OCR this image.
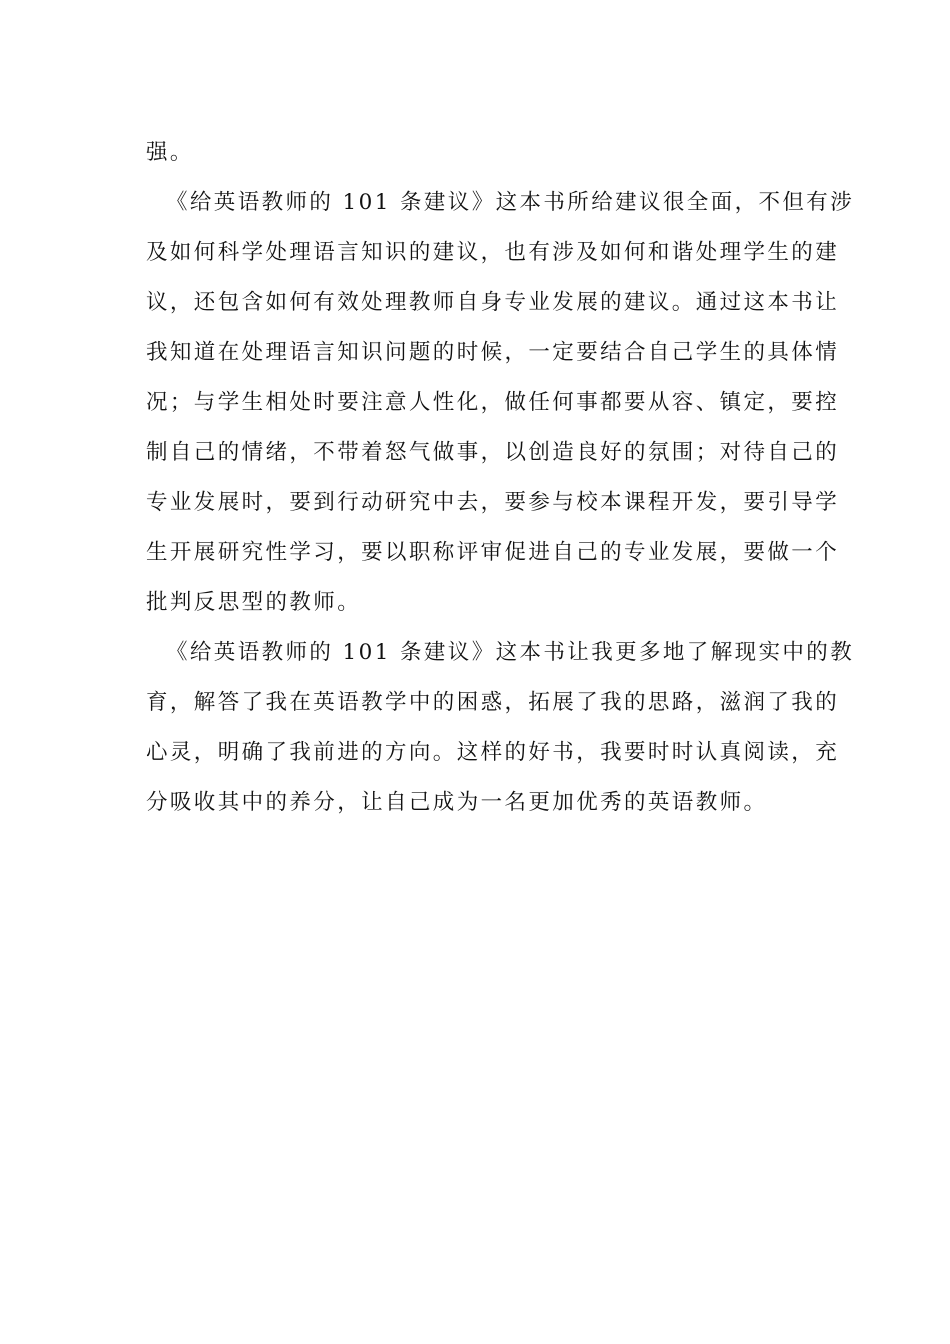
强。

《给英语教师的 101 条建议》这本书所给建议很全面，不但有涉
及如何科学处理语言知识的建议，也有涉及如何和谐处理学生的建
议，还包含如何有效处理教师自身专业发展的建议。通过这本书让
我知道在处理语言知识问题的时候，一定要结合自己学生的具体情
况；与学生相处时要注意人性化，做任何事都要从容、镇定，要控
制自己的情绪，不带着怒气做事，以创造良好的氛围；对待自己的
专业发展时，要到行动研究中去，要参与校本课程开发，要引导学
生开展研究性学习，要以职称评审促进自己的专业发展，要做一个
批判反思型的教师。

《给英语教师的 101 条建议》这本书让我更多地了解现实中的教
育，解答了我在英语教学中的困惑，拓展了我的思路，滋润了我的
心灵，明确了我前进的方向。这样的好书，我要时时认真阅读，充
分吸收其中的养分，让自己成为一名更加优秀的英语教师。
